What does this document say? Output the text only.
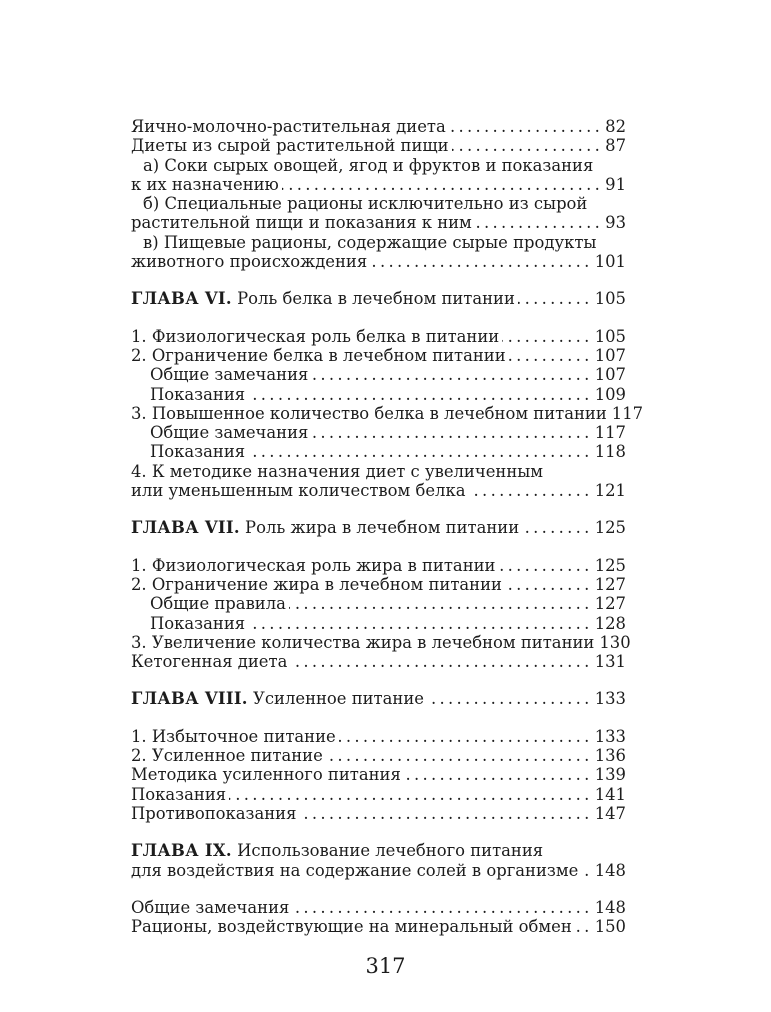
Яично-молочно-растительная диета .....	82
Диеты из сырой растительной пищи .....	87
а) Соки сырых овощей, ягод и фруктов и показания
к их назначению .....	91
б) Специальные рационы исключительно из сырой
растительной пищи и показания к ним .....	93
в) Пищевые рационы, содержащие сырые продукты
животного происхождения .....	101
ГЛАВА VI. Роль белка в лечебном питании .....	105
1. Физиологическая роль белка в питании .....	105
2. Ограничение белка в лечебном питании .....	107
Общие замечания .....	107
Показания .....	109
3. Повышенное количество белка в лечебном питании 117
Общие замечания .....	117
Показания .....	118
4. К методике назначения диет с увеличенным
или уменьшенным количеством белка .....	121
ГЛАВА VII. Роль жира в лечебном питании .....	125
1. Физиологическая роль жира в питании .....	125
2. Ограничение жира в лечебном питании .....	127
Общие правила .....	127
Показания .....	128
3. Увеличение количества жира в лечебном питании 130
Кетогенная диета .....	131
ГЛАВА VIII. Усиленное питание .....	133
1. Избыточное питание .....	133
2. Усиленное питание .....	136
Методика усиленного питания .....	139
Показания .....	141
Противопоказания .....	147
ГЛАВА IX. Использование лечебного питания
для воздействия на содержание солей в организме ..... 148
Общие замечания .....	148
Рационы, воздействующие на минеральный обмен ..... 150
317
